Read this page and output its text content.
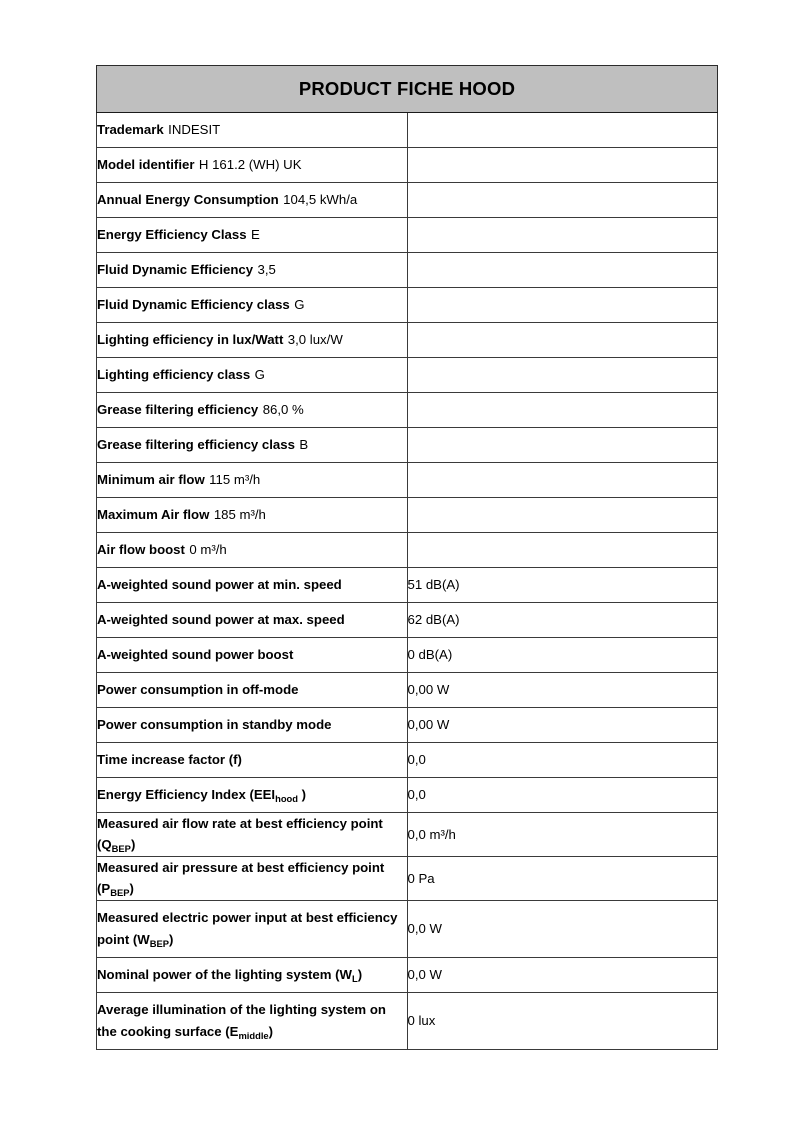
PRODUCT FICHE HOOD	

Trademark INDESIT	
Model identifier H 161.2 (WH) UK	
Annual Energy Consumption 104,5 kWh/a	
Energy Efficiency Class E	
Fluid Dynamic Efficiency 3,5	
Fluid Dynamic Efficiency class G	
Lighting efficiency in lux/Watt 3,0 lux/W	
Lighting efficiency class G	
Grease filtering efficiency 86,0 %	
Grease filtering efficiency class B	
Minimum air flow 115 m³/h	
Maximum Air flow 185 m³/h	
Air flow boost 0 m³/h	
A-weighted sound power at min. speed	51 dB(A)
A-weighted sound power at max. speed	62 dB(A)
A-weighted sound power boost	0 dB(A)
Power consumption in off-mode	0,00 W
Power consumption in standby mode	0,00 W
Time increase factor (f)	0,0
Energy Efficiency Index ($EEI_{hood}$ )	0,0
Measured air flow rate at best efficiency point $(Q_{BEP})$	0,0 m³/h
Measured air pressure at best efficiency point $(P_{BEP})$	0 Pa
Measured electric power input at best efficiency point $(W_{BEP})$	0,0 W
Nominal power of the lighting system $(W_L)$	0,0 W
Average illumination of the lighting system on the cooking surface $(E_{middle})$	0 lux
